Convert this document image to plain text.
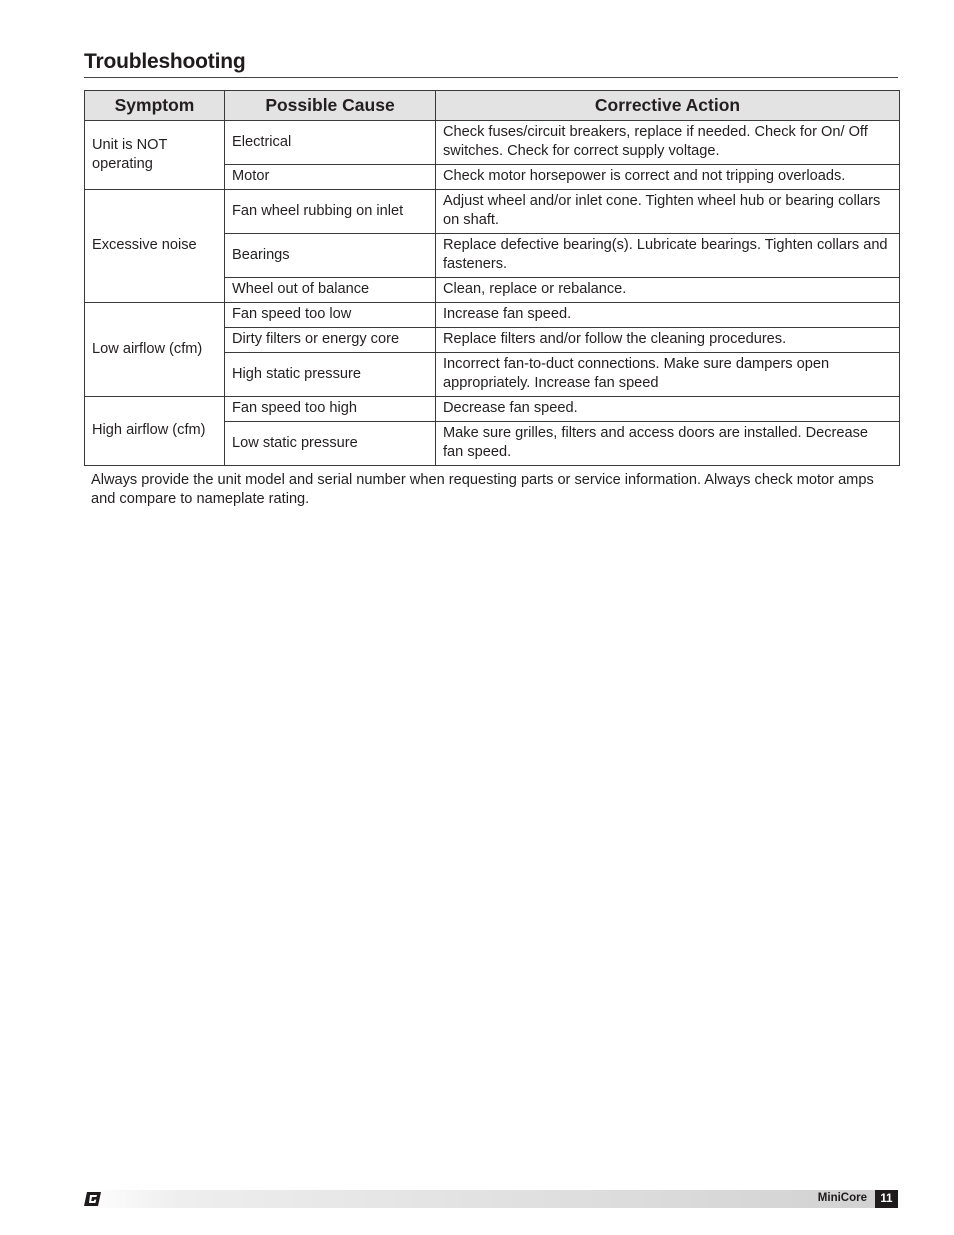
Troubleshooting
Symptom	Possible Cause	Corrective Action
Unit is NOT operating	Electrical	Check fuses/circuit breakers, replace if needed. Check for On/ Off switches. Check for correct supply voltage.
	Motor	Check motor horsepower is correct and not tripping overloads.
Excessive noise	Fan wheel rubbing on inlet	Adjust wheel and/or inlet cone. Tighten wheel hub or bearing collars on shaft.
	Bearings	Replace defective bearing(s). Lubricate bearings. Tighten collars and fasteners.
	Wheel out of balance	Clean, replace or rebalance.
Low airflow (cfm)	Fan speed too low	Increase fan speed.
	Dirty filters or energy core	Replace filters and/or follow the cleaning procedures.
	High static pressure	Incorrect fan-to-duct connections. Make sure dampers open appropriately. Increase fan speed
High airflow (cfm)	Fan speed too high	Decrease fan speed.
	Low static pressure	Make sure grilles, filters and access doors are installed. Decrease fan speed.
Always provide the unit model and serial number when requesting parts or service information. Always check motor amps and compare to nameplate rating.
MiniCore	11
